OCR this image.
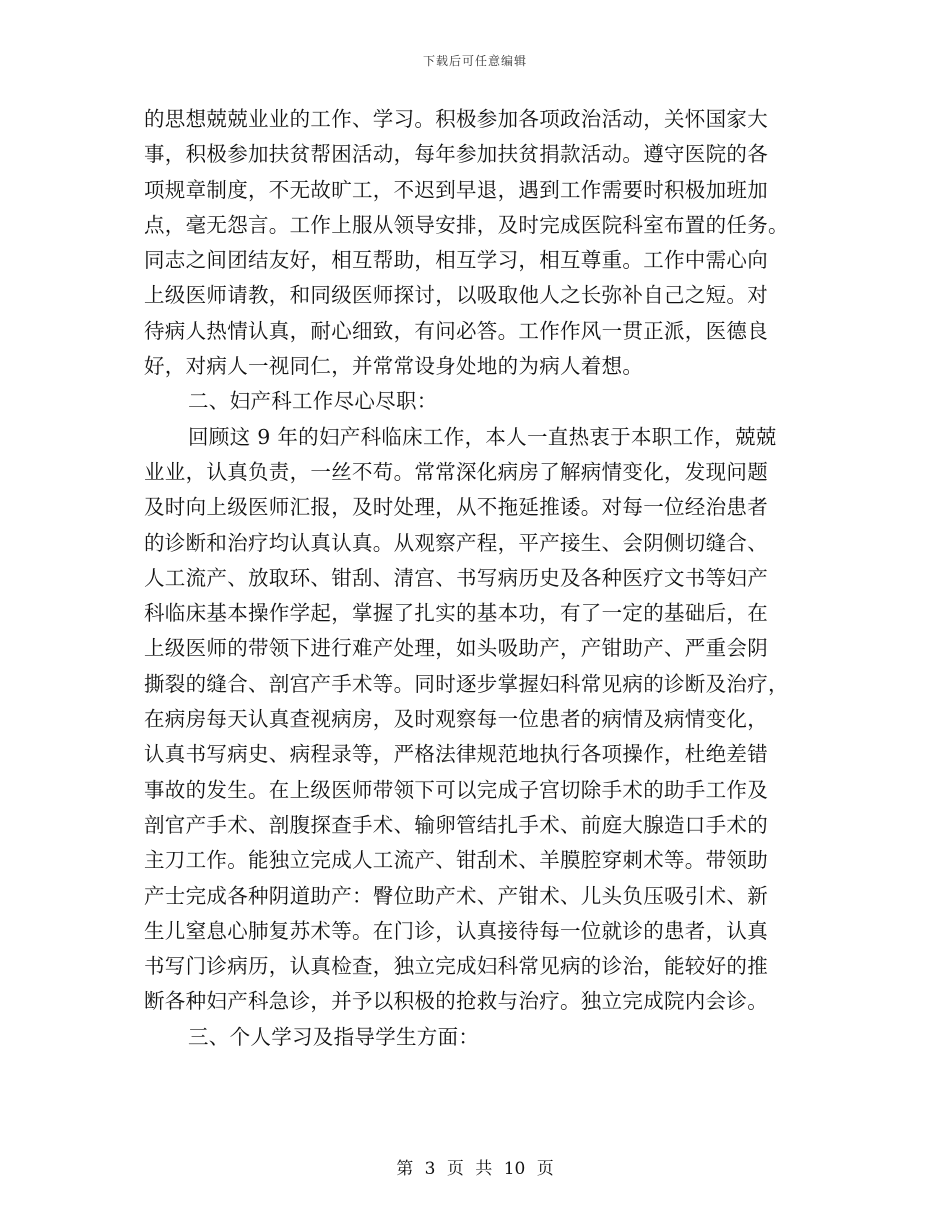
下载后可任意编辑
的思想兢兢业业的工作、学习。积极参加各项政治活动，关怀国家大
事，积极参加扶贫帮困活动，每年参加扶贫捐款活动。遵守医院的各
项规章制度，不无故旷工，不迟到早退，遇到工作需要时积极加班加
点，毫无怨言。工作上服从领导安排，及时完成医院科室布置的任务。
同志之间团结友好，相互帮助，相互学习，相互尊重。工作中需心向
上级医师请教，和同级医师探讨，以吸取他人之长弥补自己之短。对
待病人热情认真，耐心细致，有问必答。工作作风一贯正派，医德良
好，对病人一视同仁，并常常设身处地的为病人着想。
二、妇产科工作尽心尽职：
回顾这 9 年的妇产科临床工作，本人一直热衷于本职工作，兢兢
业业，认真负责，一丝不苟。常常深化病房了解病情变化，发现问题
及时向上级医师汇报，及时处理，从不拖延推诿。对每一位经治患者
的诊断和治疗均认真认真。从观察产程，平产接生、会阴侧切缝合、
人工流产、放取环、钳刮、清宫、书写病历史及各种医疗文书等妇产
科临床基本操作学起，掌握了扎实的基本功，有了一定的基础后，在
上级医师的带领下进行难产处理，如头吸助产，产钳助产、严重会阴
撕裂的缝合、剖宫产手术等。同时逐步掌握妇科常见病的诊断及治疗，
在病房每天认真查视病房，及时观察每一位患者的病情及病情变化，
认真书写病史、病程录等，严格法律规范地执行各项操作，杜绝差错
事故的发生。在上级医师带领下可以完成子宫切除手术的助手工作及
剖官产手术、剖腹探查手术、输卵管结扎手术、前庭大腺造口手术的
主刀工作。能独立完成人工流产、钳刮术、羊膜腔穿刺术等。带领助
产士完成各种阴道助产：臀位助产术、产钳术、儿头负压吸引术、新
生儿窒息心肺复苏术等。在门诊，认真接待每一位就诊的患者，认真
书写门诊病历，认真检查，独立完成妇科常见病的诊治，能较好的推
断各种妇产科急诊，并予以积极的抢救与治疗。独立完成院内会诊。
三、个人学习及指导学生方面：
第 3 页 共 10 页
